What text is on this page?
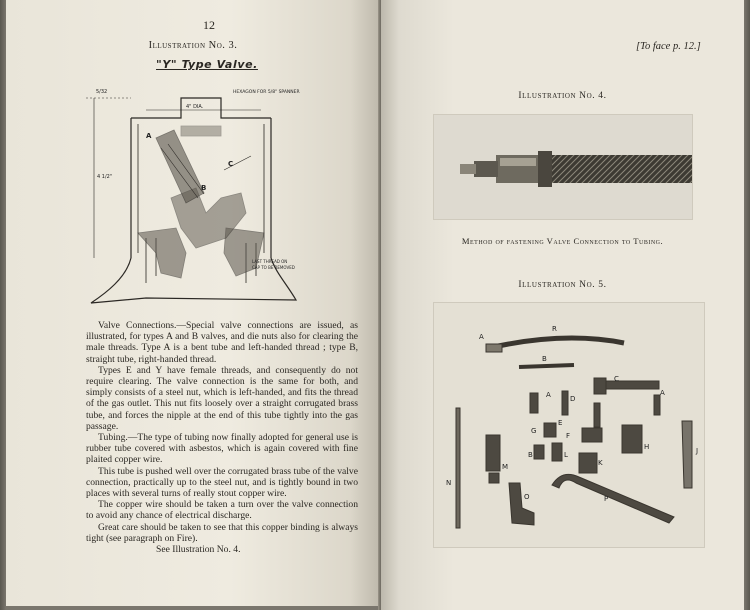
12
Illustration No. 3.
"Y" Type Valve.
HEXAGON FOR 5/8" SPANNER
5/32
4" DIA.
4 1/2"
LAST THREAD ON
CAP TO BE REMOVED
A
B
C

Valve Connections.—Special valve connections are issued, as illustrated, for types A and B valves, and die nuts also for clearing the male threads. Type A is a bent tube and left-handed thread ; type B, straight tube, right-handed thread.

Types E and Y have female threads, and consequently do not require clearing. The valve connection is the same for both, and simply consists of a steel nut, which is left-handed, and fits the thread of the gas outlet. This nut fits loosely over a straight corrugated brass tube, and forces the nipple at the end of this tube tightly into the gas passage.

Tubing.—The type of tubing now finally adopted for general use is rubber tube covered with asbestos, which is again covered with fine plaited copper wire.

This tube is pushed well over the corrugated brass tube of the valve connection, practically up to the steel nut, and is tightly bound in two places with several turns of really stout copper wire.

The copper wire should be taken a turn over the valve connection to avoid any chance of electrical discharge.

Great care should be taken to see that this copper binding is always tight (see paragraph on Fire).

See Illustration No. 4.

[To face p. 12.]
Illustration No. 4.
Method of fastening Valve Connection to Tubing.
Illustration No. 5.
A
R
B
C
A	D
A
G
E
F
H	J
B	L
K
M
N
O	P
